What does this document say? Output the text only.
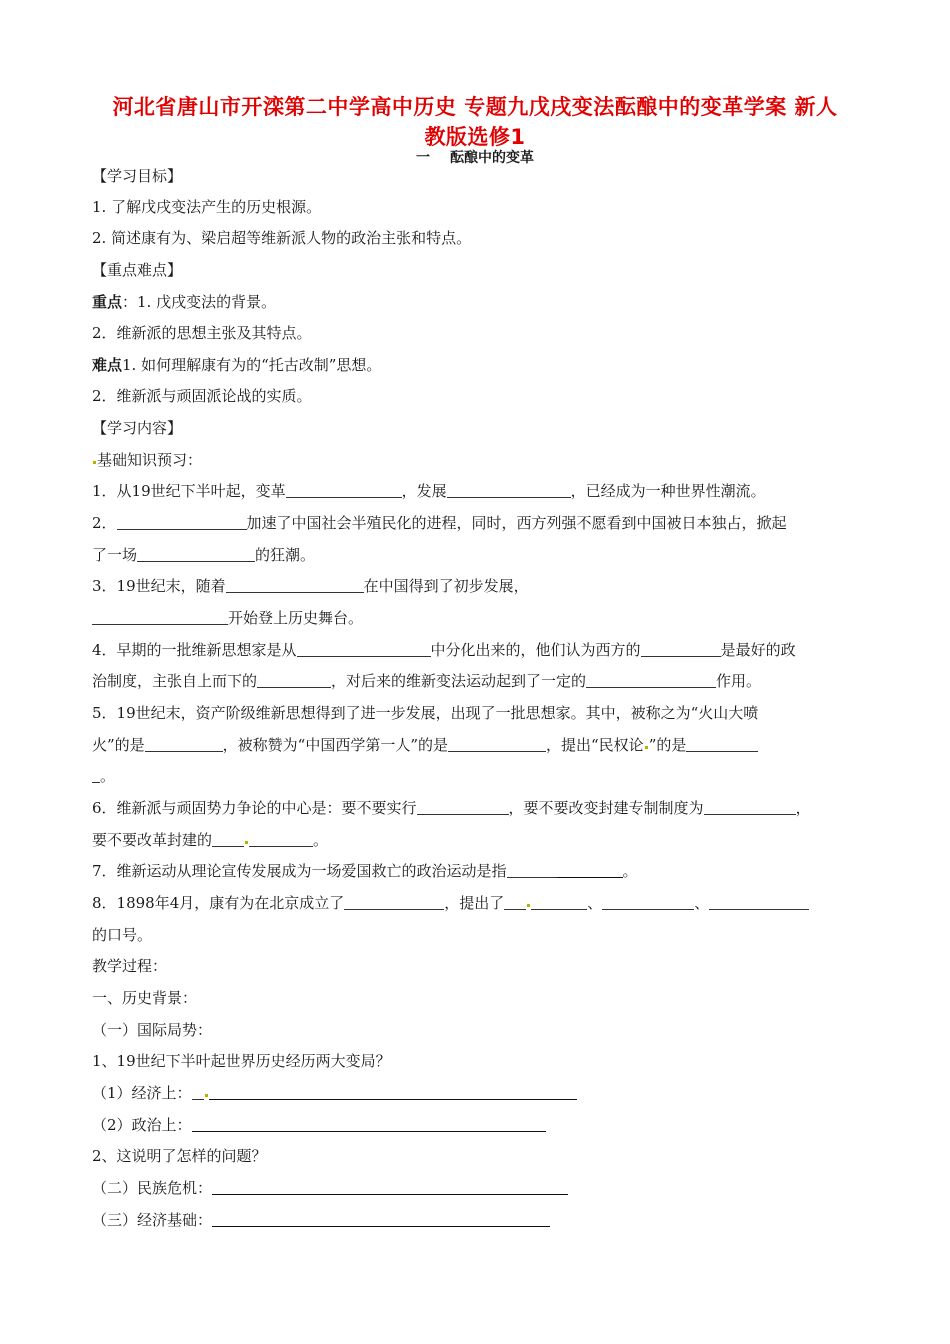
河北省唐山市开滦第二中学高中历史 专题九戊戌变法酝酿中的变革学案 新人
教版选修1
一 酝酿中的变革
【学习目标】
1. 了解戊戌变法产生的历史根源。
2. 简述康有为、梁启超等维新派人物的政治主张和特点。
【重点难点】
重点：1. 戊戌变法的背景。
2．维新派的思想主张及其特点。
难点1. 如何理解康有为的“托古改制”思想。
2．维新派与顽固派论战的实质。
【学习内容】
基础知识预习：
1．从19世纪下半叶起，变革	，发展	，已经成为一种世界性潮流。
2．	加速了中国社会半殖民化的进程，同时，西方列强不愿看到中国被日本独占，掀起
了一场	的狂潮。
3．19世纪末，随着	在中国得到了初步发展，
开始登上历史舞台。
4．早期的一批维新思想家是从	中分化出来的，他们认为西方的	是最好的政
治制度，主张自上而下的	，对后来的维新变法运动起到了一定的	作用。
5．19世纪末，资产阶级维新思想得到了进一步发展，出现了一批思想家。其中，被称之为“火山大喷
火”的是	，被称赞为“中国西学第一人”的是	，提出“民权论 ”的是
。
6．维新派与顽固势力争论的中心是：要不要实行	，要不要改变封建专制制度为	，
要不要改革封建的	。
7．维新运动从理论宣传发展成为一场爱国救亡的政治运动是指	。
8．1898年4月，康有为在北京成立了	，提出了	、	、
的口号。
教学过程：
一、历史背景：
（一）国际局势：
1、19世纪下半叶起世界历史经历两大变局？
（1）经济上：
（2）政治上：
2、这说明了怎样的问题？
（二）民族危机：
（三）经济基础：
